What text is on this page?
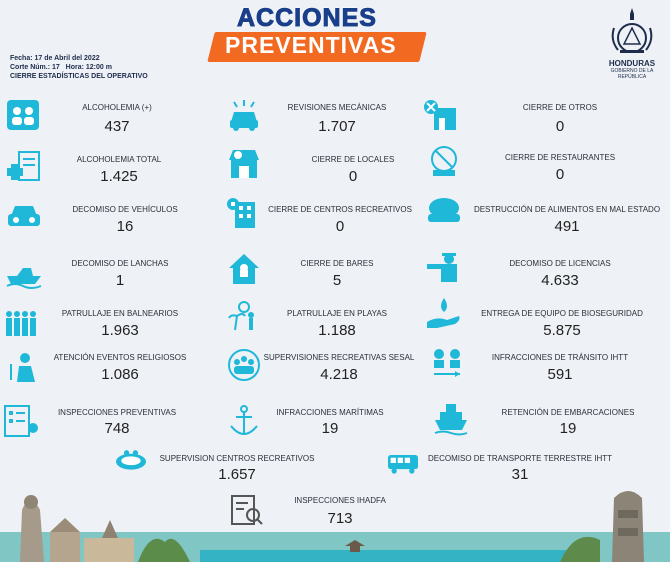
ACCIONES
PREVENTIVAS
Fecha: 17 de Abril del 2022
Corte Núm.: 17 Hora: 12:00 m
CIERRE ESTADÍSTICAS DEL OPERATIVO
HONDURAS
GOBIERNO DE LA REPÚBLICA
ALCOHOLEMIA (+)
437
REVISIONES MECÁNICAS
1.707
CIERRE DE OTROS
0
ALCOHOLEMIA TOTAL
1.425
CIERRE DE LOCALES
0
CIERRE DE RESTAURANTES
0
DECOMISO DE VEHÍCULOS
16
CIERRE DE CENTROS RECREATIVOS
0
DESTRUCCIÓN DE ALIMENTOS EN MAL ESTADO
491
DECOMISO DE LANCHAS
1
CIERRE DE BARES
5
DECOMISO DE LICENCIAS
4.633
PATRULLAJE EN BALNEARIOS
1.963
PLATRULLAJE EN PLAYAS
1.188
ENTREGA DE EQUIPO DE BIOSEGURIDAD
5.875
ATENCIÓN EVENTOS RELIGIOSOS
1.086
SUPERVISIONES RECREATIVAS SESAL
4.218
INFRACCIONES DE TRÁNSITO IHTT
591
INSPECCIONES PREVENTIVAS
748
INFRACCIONES MARÍTIMAS
19
RETENCIÓN DE EMBARCACIONES
19
SUPERVISION CENTROS RECREATIVOS
1.657
DECOMISO DE TRANSPORTE TERRESTRE IHTT
31
INSPECCIONES IHADFA
713
